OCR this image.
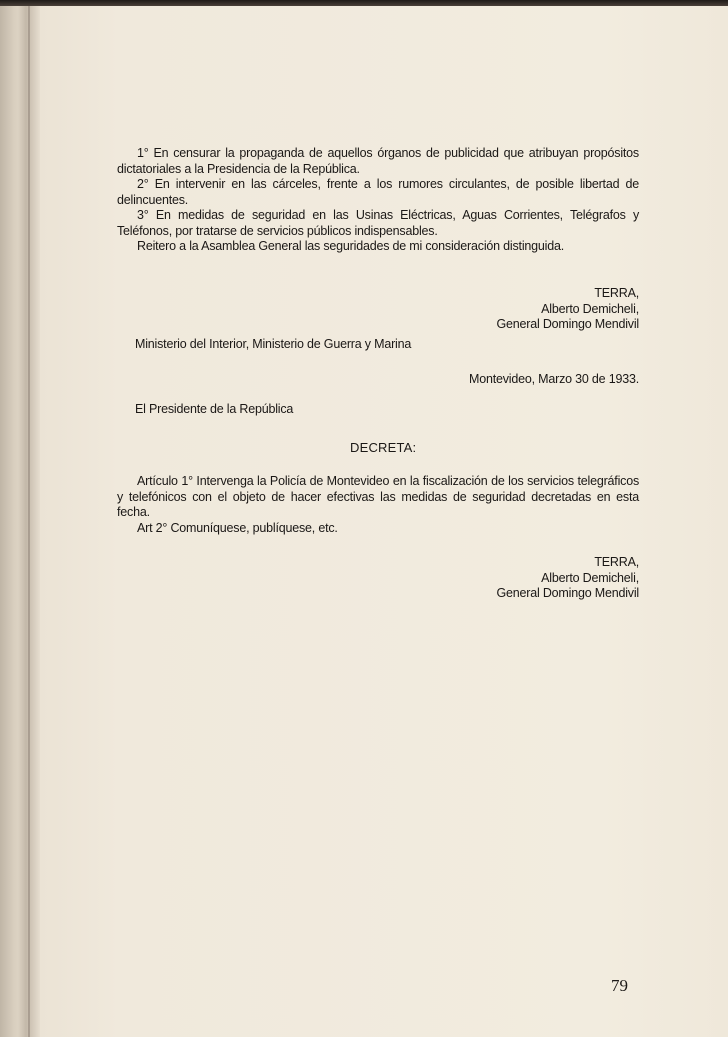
1° En censurar la propaganda de aquellos órganos de publicidad que atribuyan propósitos dictatoriales a la Presidencia de la República.

2° En intervenir en las cárceles, frente a los rumores circulantes, de posible libertad de delincuentes.

3° En medidas de seguridad en las Usinas Eléctricas, Aguas Corrientes, Telégrafos y Teléfonos, por tratarse de servicios públicos indispensables.

Reitero a la Asamblea General las seguridades de mi consideración distinguida.

TERRA,
Alberto Demicheli,
General Domingo Mendivil
Ministerio del Interior, Ministerio de Guerra y Marina
Montevideo, Marzo 30 de 1933.
El Presidente de la República
DECRETA:

Artículo 1° Intervenga la Policía de Montevideo en la fiscalización de los servicios telegráficos y telefónicos con el objeto de hacer efectivas las medidas de seguridad decretadas en esta fecha.

Art 2° Comuníquese, publíquese, etc.

TERRA,
Alberto Demicheli,
General Domingo Mendivil
79
